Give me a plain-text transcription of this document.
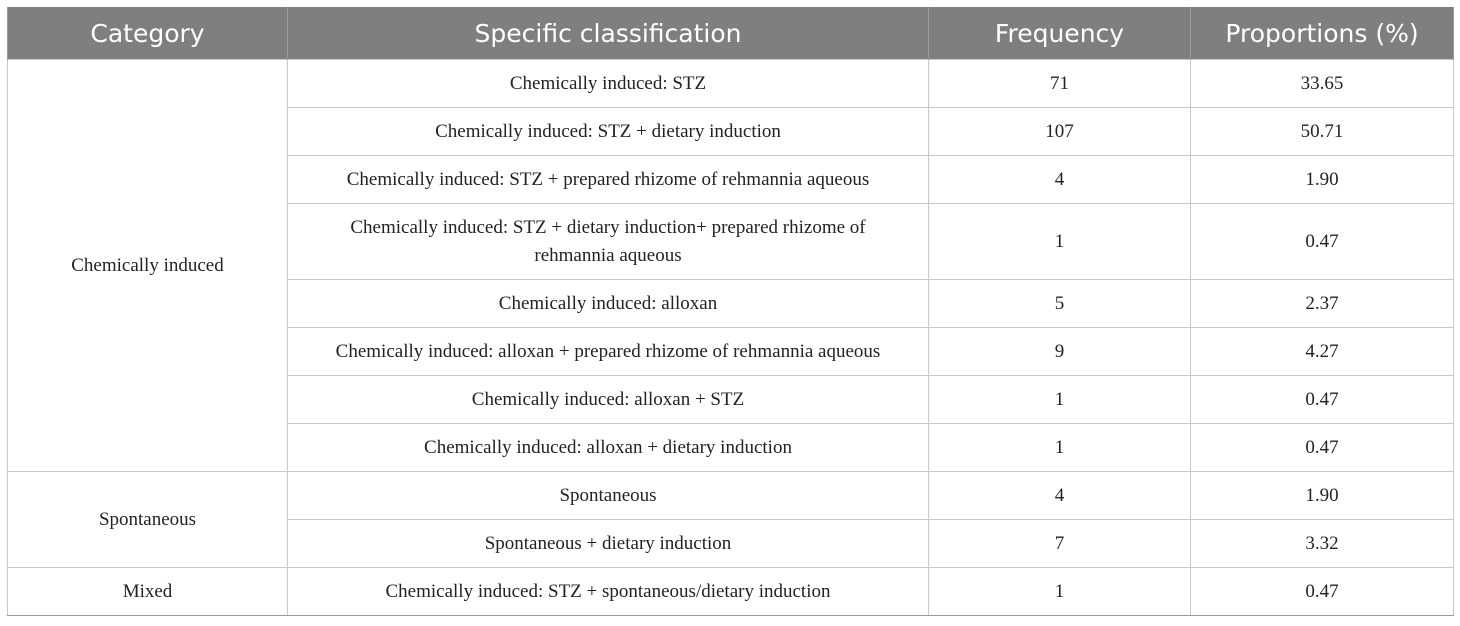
Category	Specific classification	Frequency	Proportions (%)
Chemically induced	Chemically induced: STZ	71	33.65
	Chemically induced: STZ + dietary induction	107	50.71
	Chemically induced: STZ + prepared rhizome of rehmannia aqueous	4	1.90
	Chemically induced: STZ + dietary induction+ prepared rhizome of rehmannia aqueous	1	0.47
	Chemically induced: alloxan	5	2.37
	Chemically induced: alloxan + prepared rhizome of rehmannia aqueous	9	4.27
	Chemically induced: alloxan + STZ	1	0.47
	Chemically induced: alloxan + dietary induction	1	0.47
Spontaneous	Spontaneous	4	1.90
	Spontaneous + dietary induction	7	3.32
Mixed	Chemically induced: STZ + spontaneous/dietary induction	1	0.47
